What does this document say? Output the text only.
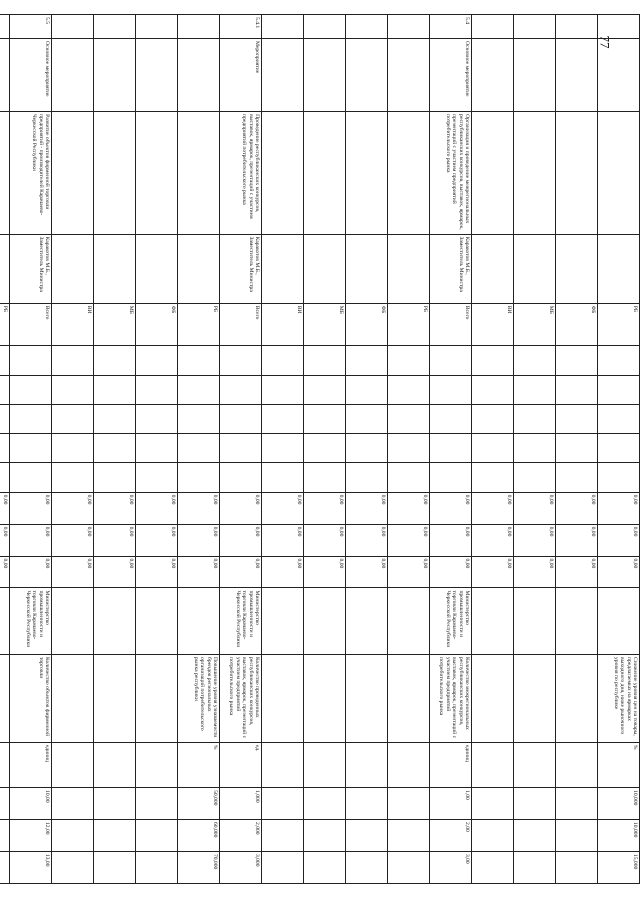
77
				РБ						0,00	0,00	0,00		Снижение уровня цен на товары, предлагаемых на ярмарках выходного дня, ниже рыночного уровня по республике	%	10,000	10,000	15,000
				ФБ						0,00	0,00	0,00						
				МБ						0,00	0,00	0,00						
				ВИ						0,00	0,00	0,00						
5.4	Основное мероприятие	Организация и проведение межрегиональных республиканских конкурсов, выставок, ярмарок, презентаций с участием предприятий потребительского рынка	Каракотов М.Б., Заместитель Министра	Всего						0,00	0,00	0,00	Министерство промышленности и торговли Карачаево-Черкесской Республики	Количество межрегиональных республиканских конкурсов, выставок, ярмарок, презентаций с участием предприятий потребительского рынка	единиц	1,00	2,00	3,00
				РБ						0,00	0,00	0,00						
				ФБ						0,00	0,00	0,00						
				МБ						0,00	0,00	0,00						
				ВИ						0,00	0,00	0,00						
5.4.1	Мероприятие	Проведение республиканских конкурсов, выставок, ярмарок, презентаций с участием предприятий потребительского рынка	Каракотов М.Б., Заместитель Министра	Всего						0,00	0,00	0,00	Министерство промышленности и торговли Карачаево-Черкесской Республики	Количество проведенных республиканских конкурсов, выставок, ярмарок, презентаций с участием предприятий потребительского рынка	ед.	1,000	2,000	3,000
				РБ						0,00	0,00	0,00		Повышение уровня узнаваемости брендов региональных организаций потребительского рынка республики	%	50,000	60,000	70,000
				ФБ						0,00	0,00	0,00						
				МБ						0,00	0,00	0,00						
				ВИ						0,00	0,00	0,00						
5.5	Основное мероприятие	Развитие объектов фирменной торговли предприятий - производителей Карачаево-Черкесской Республики	Каракотов М.Б., Заместитель Министра	Всего						0,00	0,00	0,00	Министерство промышленности и торговли Карачаево-Черкесской Республики	Количество объектов фирменной торговли	единиц	10,00	12,00	13,00
				РБ						0,00	0,00	0,00						
